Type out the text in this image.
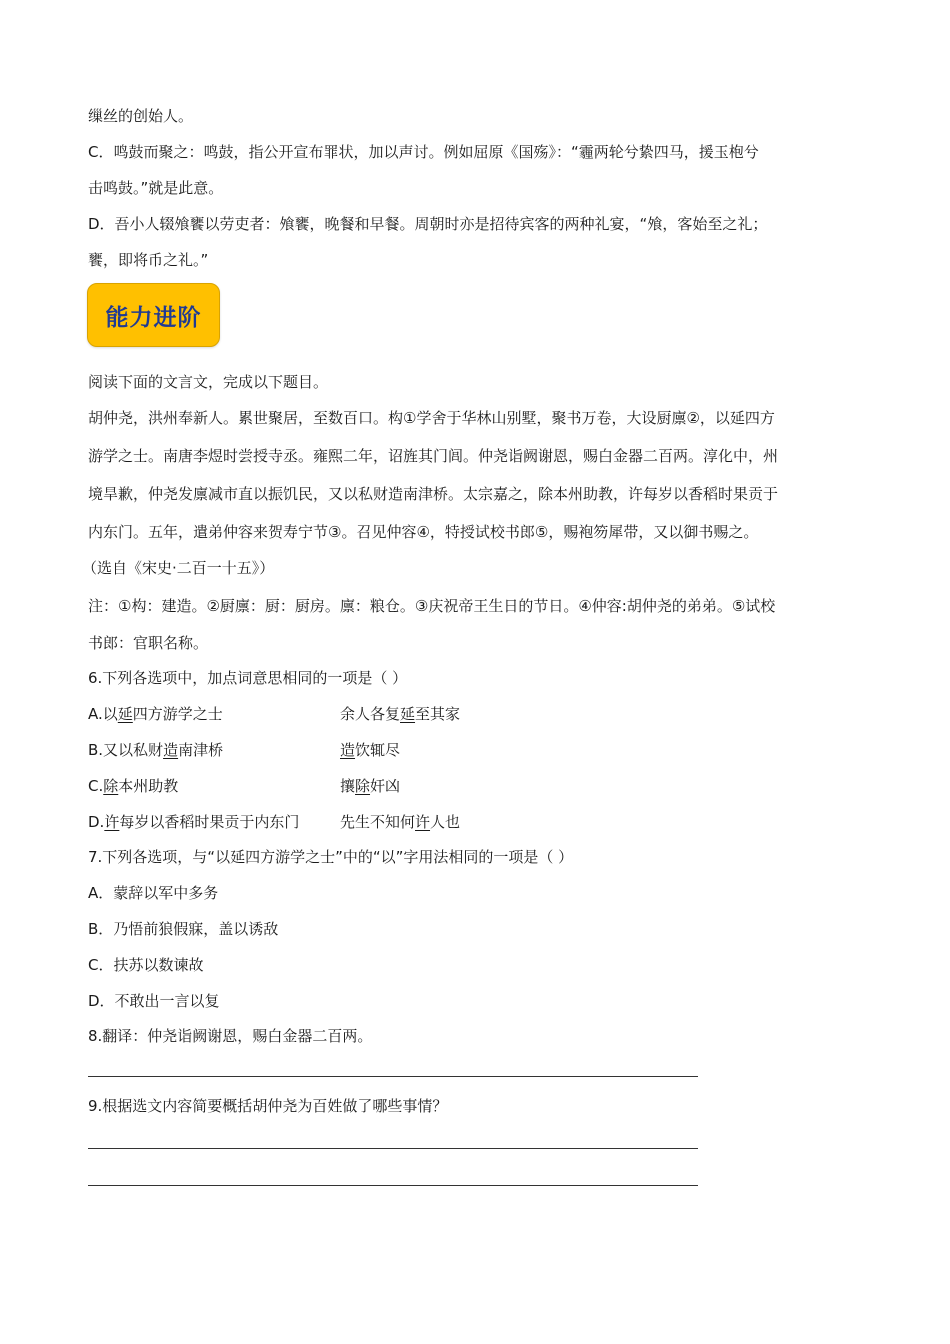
缫丝的创始人。
C．鸣鼓而聚之：鸣鼓，指公开宣布罪状，加以声讨。例如屈原《国殇》：“霾两轮兮絷四马，援玉枹兮
击鸣鼓。”就是此意。
D．吾小人辍飧饔以劳吏者：飧饔，晚餐和早餐。周朝时亦是招待宾客的两种礼宴，“飧，客始至之礼；
饔，即将币之礼。”
能力进阶
阅读下面的文言文，完成以下题目。
胡仲尧，洪州奉新人。累世聚居，至数百口。构①学舍于华林山别墅，聚书万卷，大设厨廪②，以延四方
游学之士。南唐李煜时尝授寺丞。雍熙二年，诏旌其门闾。仲尧诣阙谢恩，赐白金器二百两。淳化中，州
境旱歉，仲尧发廪减市直以振饥民，又以私财造南津桥。太宗嘉之，除本州助教，许每岁以香稻时果贡于
内东门。五年，遣弟仲容来贺寿宁节③。召见仲容④，特授试校书郎⑤，赐袍笏犀带，又以御书赐之。
（选自《宋史·二百一十五》）
注：①构：建造。②厨廪：厨：厨房。廪：粮仓。③庆祝帝王生日的节日。④仲容:胡仲尧的弟弟。⑤试校
书郎：官职名称。
6.下列各选项中，加点词意思相同的一项是（ ）
A.以延四方游学之士	余人各复延至其家
B.又以私财造南津桥	造饮辄尽
C.除本州助教	攘除奸凶
D.许每岁以香稻时果贡于内东门	先生不知何许人也
7.下列各选项，与“以延四方游学之士”中的“以”字用法相同的一项是（ ）
A．蒙辞以军中多务
B．乃悟前狼假寐，盖以诱敌
C．扶苏以数谏故
D．不敢出一言以复
8.翻译：仲尧诣阙谢恩，赐白金器二百两。
9.根据选文内容简要概括胡仲尧为百姓做了哪些事情？
